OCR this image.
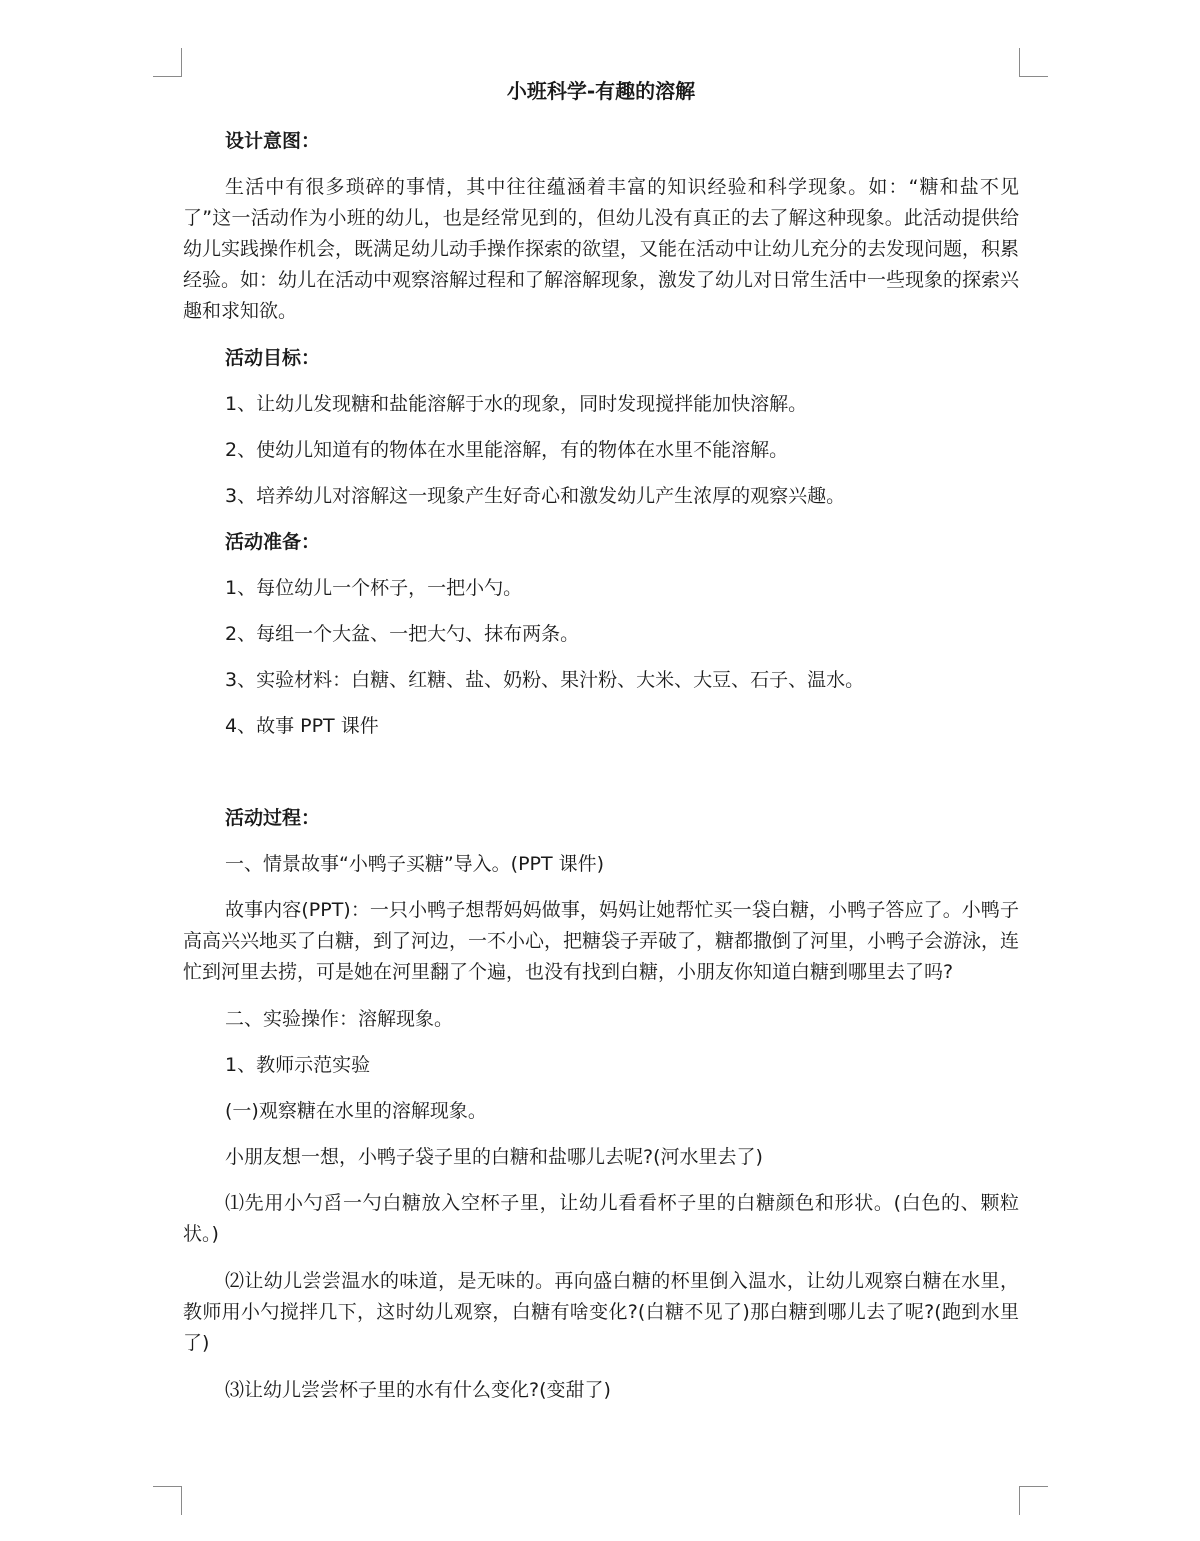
小班科学-有趣的溶解
设计意图：
生活中有很多琐碎的事情，其中往往蕴涵着丰富的知识经验和科学现象。如：“糖和盐不见了”这一活动作为小班的幼儿，也是经常见到的，但幼儿没有真正的去了解这种现象。此活动提供给幼儿实践操作机会，既满足幼儿动手操作探索的欲望，又能在活动中让幼儿充分的去发现问题，积累经验。如：幼儿在活动中观察溶解过程和了解溶解现象，激发了幼儿对日常生活中一些现象的探索兴趣和求知欲。
活动目标：
1、让幼儿发现糖和盐能溶解于水的现象，同时发现搅拌能加快溶解。
2、使幼儿知道有的物体在水里能溶解，有的物体在水里不能溶解。
3、培养幼儿对溶解这一现象产生好奇心和激发幼儿产生浓厚的观察兴趣。
活动准备：
1、每位幼儿一个杯子，一把小勺。
2、每组一个大盆、一把大勺、抹布两条。
3、实验材料：白糖、红糖、盐、奶粉、果汁粉、大米、大豆、石子、温水。
4、故事 PPT 课件
活动过程：
一、情景故事“小鸭子买糖”导入。(PPT 课件)
故事内容(PPT)：一只小鸭子想帮妈妈做事，妈妈让她帮忙买一袋白糖，小鸭子答应了。小鸭子高高兴兴地买了白糖，到了河边，一不小心，把糖袋子弄破了，糖都撒倒了河里，小鸭子会游泳，连忙到河里去捞，可是她在河里翻了个遍，也没有找到白糖，小朋友你知道白糖到哪里去了吗?
二、实验操作：溶解现象。
1、教师示范实验
(一)观察糖在水里的溶解现象。
小朋友想一想，小鸭子袋子里的白糖和盐哪儿去呢?(河水里去了)
⑴先用小勺舀一勺白糖放入空杯子里，让幼儿看看杯子里的白糖颜色和形状。(白色的、颗粒状。)
⑵让幼儿尝尝温水的味道，是无味的。再向盛白糖的杯里倒入温水，让幼儿观察白糖在水里，教师用小勺搅拌几下，这时幼儿观察，白糖有啥变化?(白糖不见了)那白糖到哪儿去了呢?(跑到水里了)
⑶让幼儿尝尝杯子里的水有什么变化?(变甜了)
